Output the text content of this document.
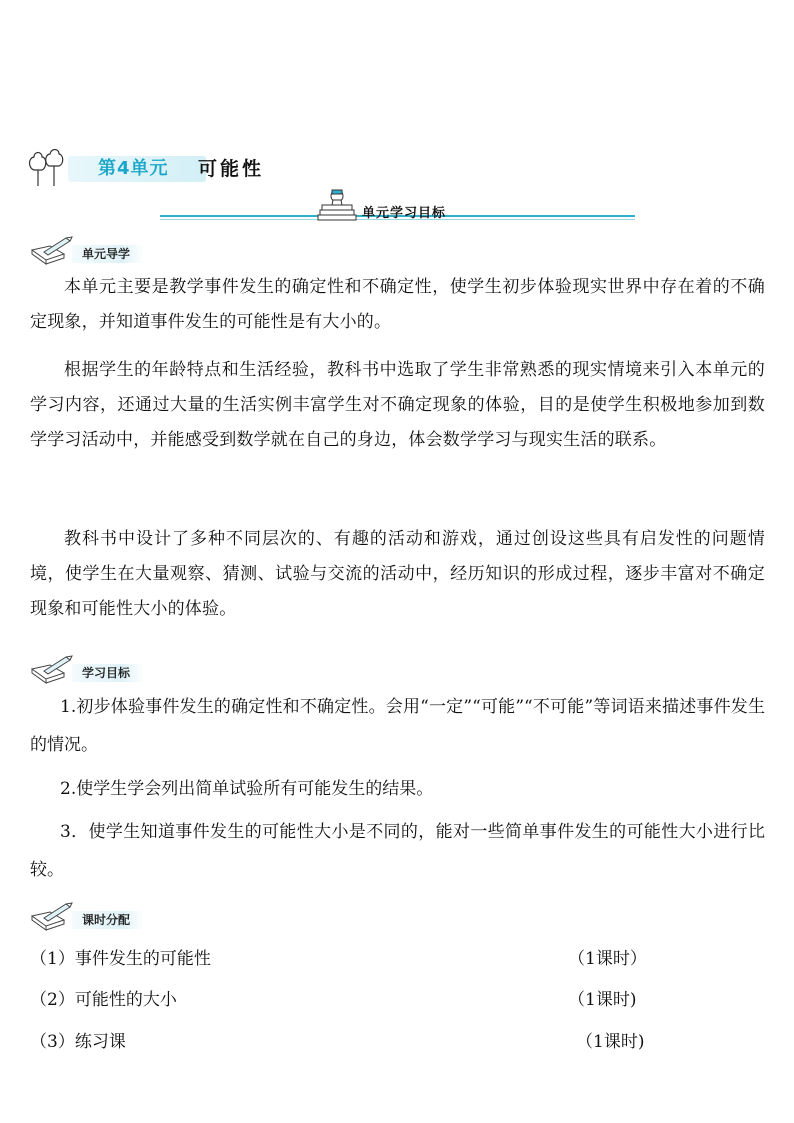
第4单元 可能性
单元学习目标
单元导学

本单元主要是教学事件发生的确定性和不确定性，使学生初步体验现实世界中存在着的不确定现象，并知道事件发生的可能性是有大小的。

根据学生的年龄特点和生活经验，教科书中选取了学生非常熟悉的现实情境来引入本单元的学习内容，还通过大量的生活实例丰富学生对不确定现象的体验，目的是使学生积极地参加到数学学习活动中，并能感受到数学就在自己的身边，体会数学学习与现实生活的联系。

教科书中设计了多种不同层次的、有趣的活动和游戏，通过创设这些具有启发性的问题情境，使学生在大量观察、猜测、试验与交流的活动中，经历知识的形成过程，逐步丰富对不确定现象和可能性大小的体验。

学习目标

1.初步体验事件发生的确定性和不确定性。会用“一定”“可能”“不可能”等词语来描述事件发生的情况。

2.使学生学会列出简单试验所有可能发生的结果。

3．使学生知道事件发生的可能性大小是不同的，能对一些简单事件发生的可能性大小进行比较。

课时分配
（1）事件发生的可能性	（1课时）
（2）可能性的大小	（1课时)
（3）练习课	（1课时)
